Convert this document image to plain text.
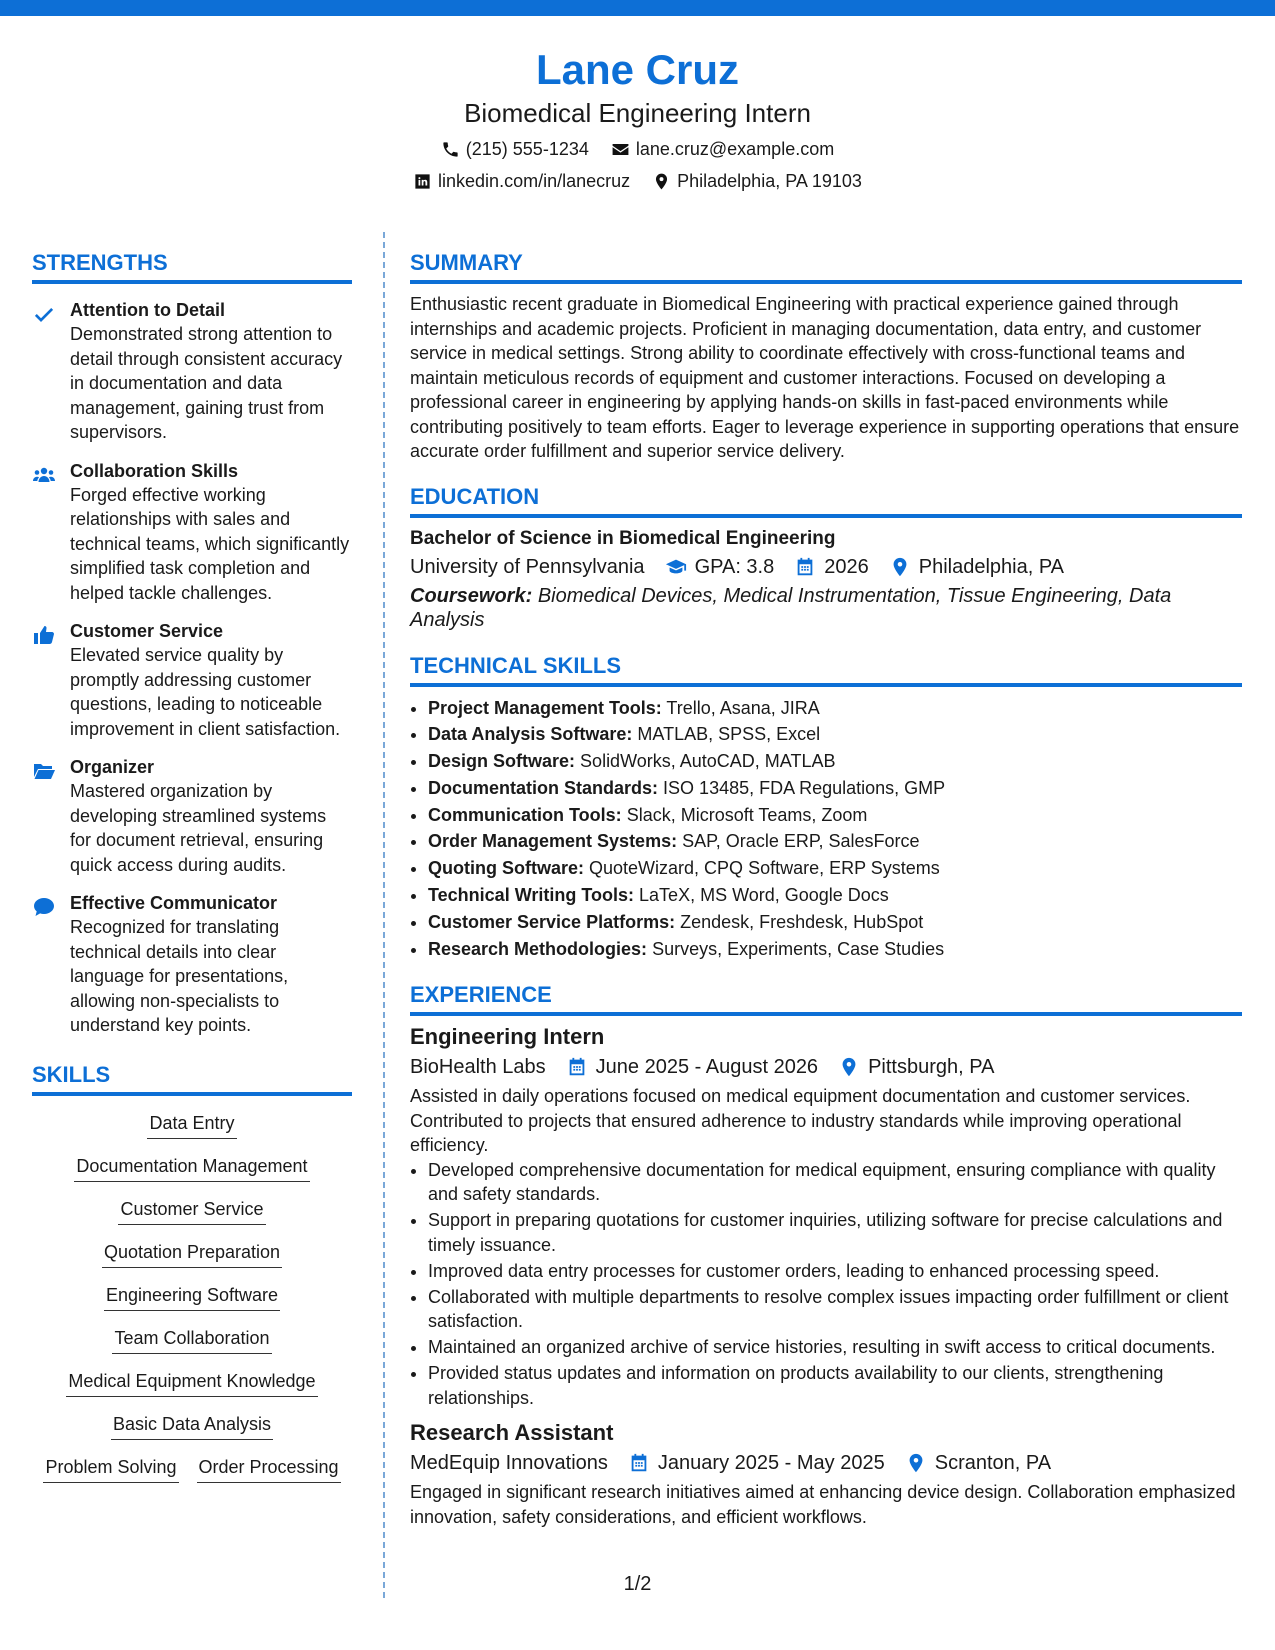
Lane Cruz
Biomedical Engineering Intern
(215) 555-1234	lane.cruz@example.com
linkedin.com/in/lanecruz	Philadelphia, PA 19103
STRENGTHS
Attention to Detail
Demonstrated strong attention to detail through consistent accuracy in documentation and data management, gaining trust from supervisors.
Collaboration Skills
Forged effective working relationships with sales and technical teams, which significantly simplified task completion and helped tackle challenges.
Customer Service
Elevated service quality by promptly addressing customer questions, leading to noticeable improvement in client satisfaction.
Organizer
Mastered organization by developing streamlined systems for document retrieval, ensuring quick access during audits.
Effective Communicator
Recognized for translating technical details into clear language for presentations, allowing non-specialists to understand key points.
SKILLS
Data Entry
Documentation Management
Customer Service
Quotation Preparation
Engineering Software
Team Collaboration
Medical Equipment Knowledge
Basic Data Analysis
Problem Solving Order Processing
SUMMARY

Enthusiastic recent graduate in Biomedical Engineering with practical experience gained through internships and academic projects. Proficient in managing documentation, data entry, and customer service in medical settings. Strong ability to coordinate effectively with cross-functional teams and maintain meticulous records of equipment and customer interactions. Focused on developing a professional career in engineering by applying hands-on skills in fast-paced environments while contributing positively to team efforts. Eager to leverage experience in supporting operations that ensure accurate order fulfillment and superior service delivery.

EDUCATION
Bachelor of Science in Biomedical Engineering
University of Pennsylvania	GPA: 3.8	2026	Philadelphia, PA
Coursework: Biomedical Devices, Medical Instrumentation, Tissue Engineering, Data Analysis
TECHNICAL SKILLS
• Project Management Tools: Trello, Asana, JIRA
• Data Analysis Software: MATLAB, SPSS, Excel
• Design Software: SolidWorks, AutoCAD, MATLAB
• Documentation Standards: ISO 13485, FDA Regulations, GMP
• Communication Tools: Slack, Microsoft Teams, Zoom
• Order Management Systems: SAP, Oracle ERP, SalesForce
• Quoting Software: QuoteWizard, CPQ Software, ERP Systems
• Technical Writing Tools: LaTeX, MS Word, Google Docs
• Customer Service Platforms: Zendesk, Freshdesk, HubSpot
• Research Methodologies: Surveys, Experiments, Case Studies
EXPERIENCE
Engineering Intern
BioHealth Labs	June 2025 - August 2026	Pittsburgh, PA

Assisted in daily operations focused on medical equipment documentation and customer services. Contributed to projects that ensured adherence to industry standards while improving operational efficiency.

• Developed comprehensive documentation for medical equipment, ensuring compliance with quality and safety standards.
• Support in preparing quotations for customer inquiries, utilizing software for precise calculations and timely issuance.
• Improved data entry processes for customer orders, leading to enhanced processing speed.
• Collaborated with multiple departments to resolve complex issues impacting order fulfillment or client satisfaction.
• Maintained an organized archive of service histories, resulting in swift access to critical documents.
• Provided status updates and information on products availability to our clients, strengthening relationships.
Research Assistant
MedEquip Innovations	January 2025 - May 2025	Scranton, PA

Engaged in significant research initiatives aimed at enhancing device design. Collaboration emphasized innovation, safety considerations, and efficient workflows.

1/2
